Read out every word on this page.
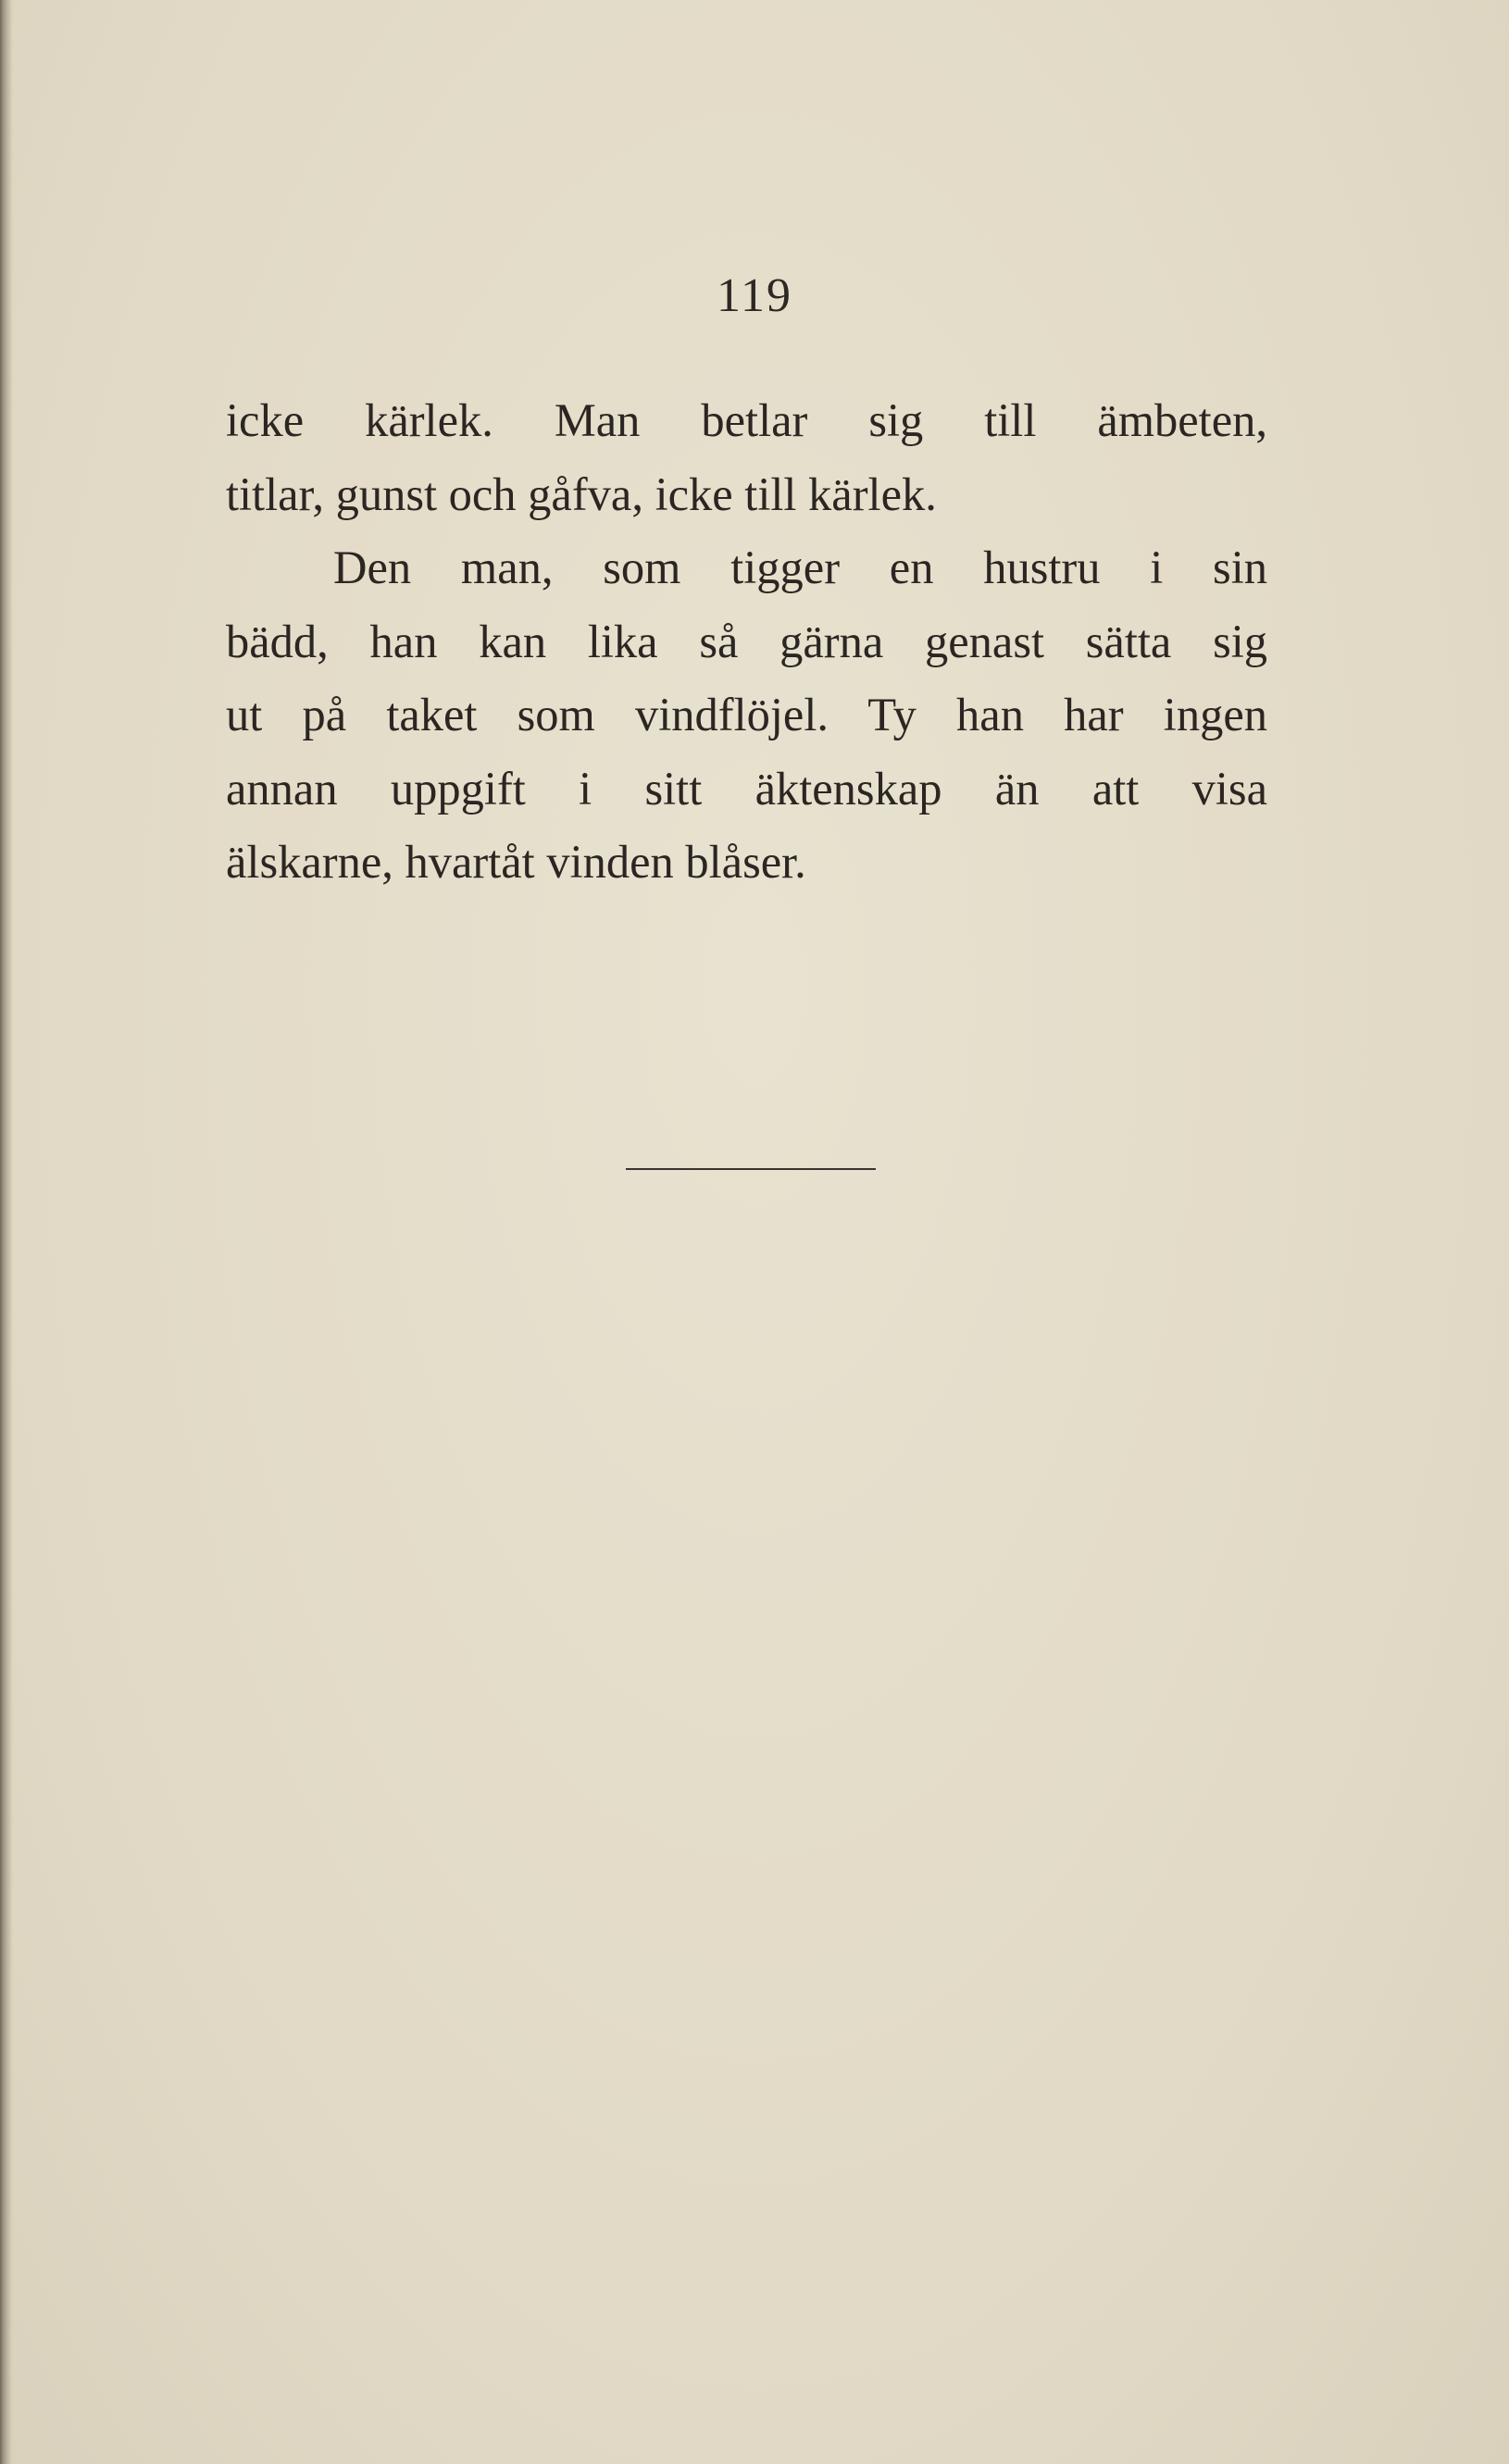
119
icke kärlek. Man betlar sig till ämbeten,
titlar, gunst och gåfva, icke till kärlek.
Den man, som tigger en hustru i sin
bädd, han kan lika så gärna genast sätta sig
ut på taket som vindflöjel. Ty han har ingen
annan uppgift i sitt äktenskap än att visa
älskarne, hvartåt vinden blåser.
